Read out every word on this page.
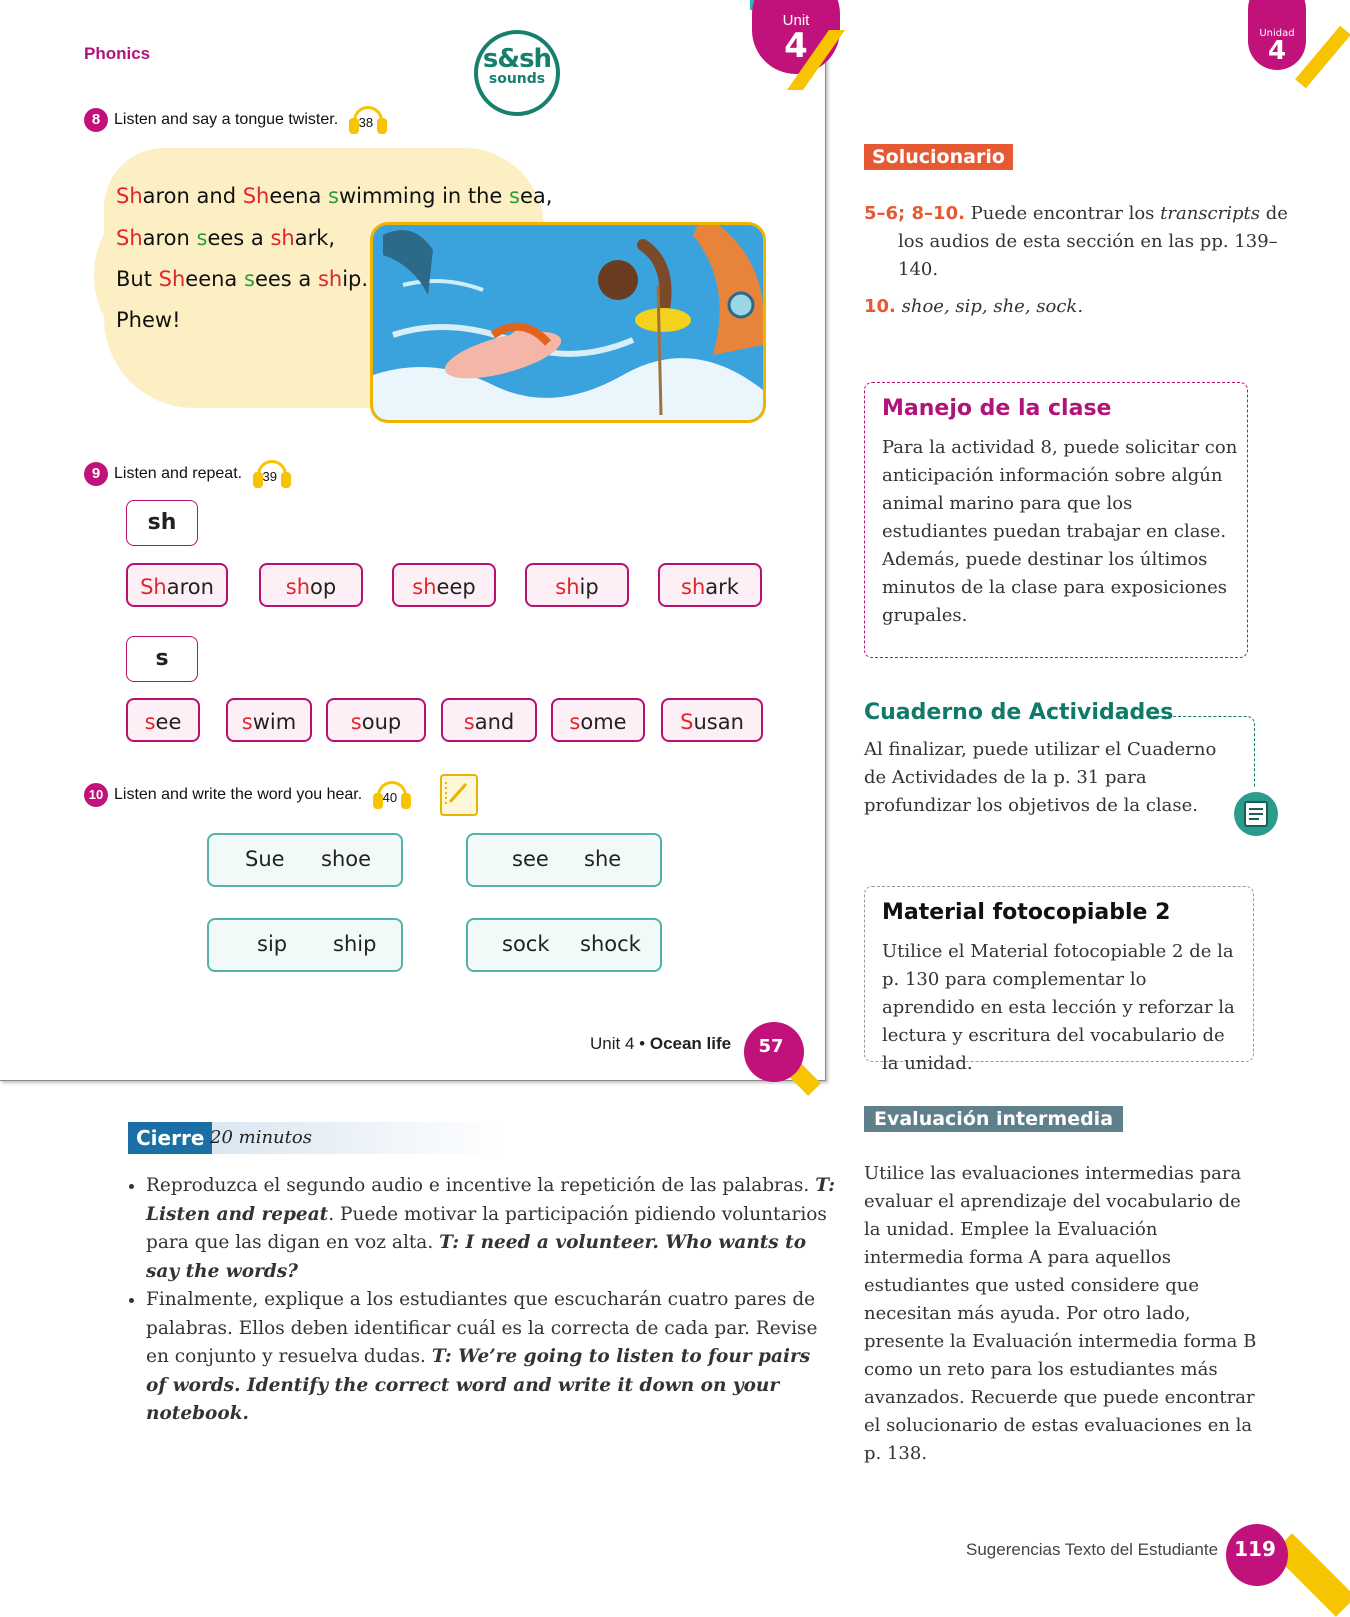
Unit
4
Phonics	s&sh
sounds
8 Listen and say a tongue twister. 38
Sharon and Sheena swimming in the sea,
Sharon sees a shark,
But Sheena sees a ship.
Phew!
9 Listen and repeat. 39
sh
Sharon	shop	sheep	ship	shark
s
see	swim	soup	sand	some	Susan
10 Listen and write the word you hear. 40
Sue shoe	see she
sip ship	sock shock
Unit 4 • Ocean life	57
Unidad
4
Solucionario
5–6; 8–10. Puede encontrar los transcripts de los audios de esta sección en las pp. 139–140.
10. shoe, sip, she, sock.
Manejo de la clase
Para la actividad 8, puede solicitar con anticipación información sobre algún animal marino para que los estudiantes puedan trabajar en clase. Además, puede destinar los últimos minutos de la clase para exposiciones grupales.
Cuaderno de Actividades
Al finalizar, puede utilizar el Cuaderno de Actividades de la p. 31 para profundizar los objetivos de la clase.
Material fotocopiable 2
Utilice el Material fotocopiable 2 de la p. 130 para complementar lo aprendido en esta lección y reforzar la lectura y escritura del vocabulario de la unidad.
Evaluación intermedia
Utilice las evaluaciones intermedias para evaluar el aprendizaje del vocabulario de la unidad. Emplee la Evaluación intermedia forma A para aquellos estudiantes que usted considere que necesitan más ayuda. Por otro lado, presente la Evaluación intermedia forma B como un reto para los estudiantes más avanzados. Recuerde que puede encontrar el solucionario de estas evaluaciones en la p. 138.
Cierre 20 minutos
• Reproduzca el segundo audio e incentive la repetición de las palabras. T: Listen and repeat. Puede motivar la participación pidiendo voluntarios para que las digan en voz alta. T: I need a volunteer. Who wants to say the words?
• Finalmente, explique a los estudiantes que escucharán cuatro pares de palabras. Ellos deben identificar cuál es la correcta de cada par. Revise en conjunto y resuelva dudas. T: We’re going to listen to four pairs of words. Identify the correct word and write it down on your notebook.
Sugerencias Texto del Estudiante 119
